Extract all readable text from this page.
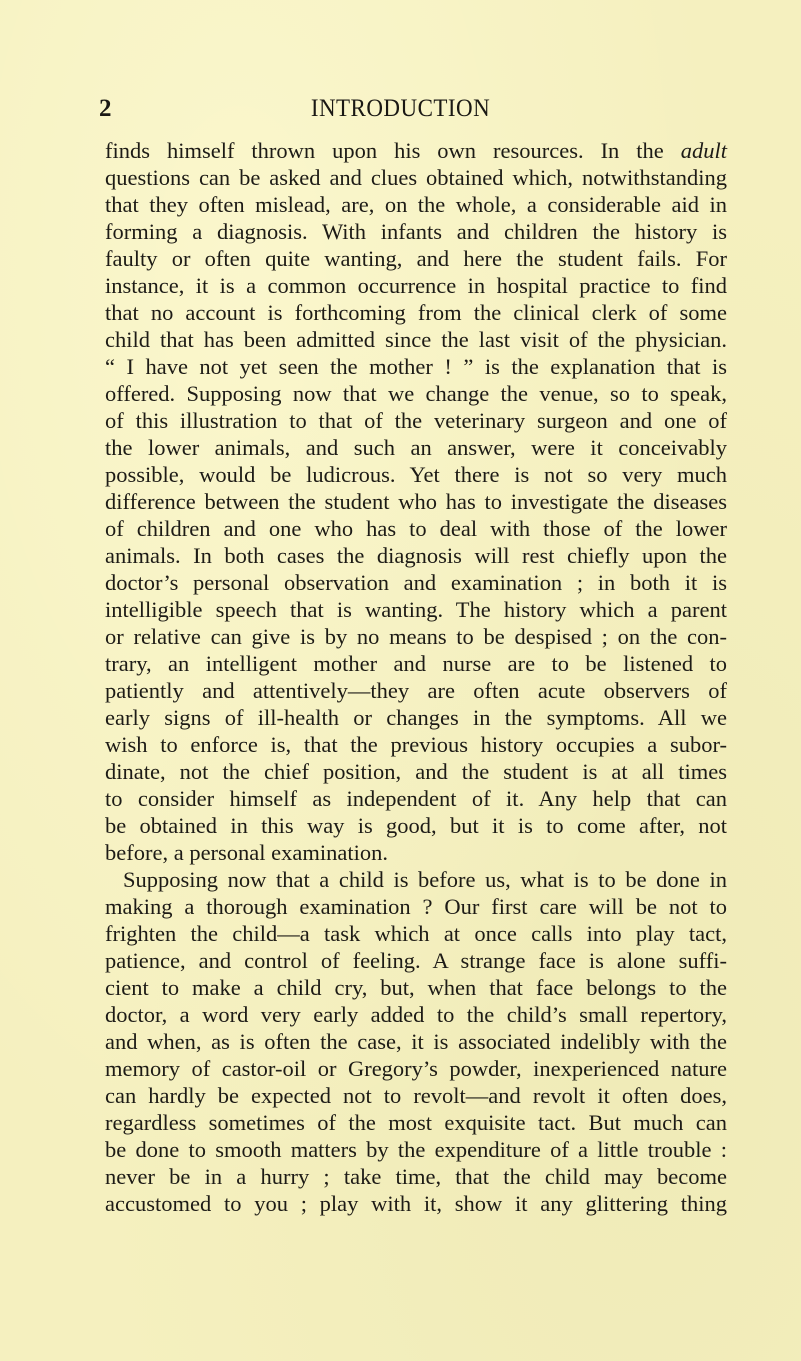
2	INTRODUCTION
finds himself thrown upon his own resources. In the adult
questions can be asked and clues obtained which, notwithstanding
that they often mislead, are, on the whole, a considerable aid in
forming a diagnosis. With infants and children the history is
faulty or often quite wanting, and here the student fails. For
instance, it is a common occurrence in hospital practice to find
that no account is forthcoming from the clinical clerk of some
child that has been admitted since the last visit of the physician.
“ I have not yet seen the mother ! ” is the explanation that is
offered. Supposing now that we change the venue, so to speak,
of this illustration to that of the veterinary surgeon and one of
the lower animals, and such an answer, were it conceivably
possible, would be ludicrous. Yet there is not so very much
difference between the student who has to investigate the diseases
of children and one who has to deal with those of the lower
animals. In both cases the diagnosis will rest chiefly upon the
doctor’s personal observation and examination ; in both it is
intelligible speech that is wanting. The history which a parent
or relative can give is by no means to be despised ; on the con-
trary, an intelligent mother and nurse are to be listened to
patiently and attentively—they are often acute observers of
early signs of ill-health or changes in the symptoms. All we
wish to enforce is, that the previous history occupies a subor-
dinate, not the chief position, and the student is at all times
to consider himself as independent of it. Any help that can
be obtained in this way is good, but it is to come after, not
before, a personal examination.
Supposing now that a child is before us, what is to be done in
making a thorough examination ? Our first care will be not to
frighten the child—a task which at once calls into play tact,
patience, and control of feeling. A strange face is alone suffi-
cient to make a child cry, but, when that face belongs to the
doctor, a word very early added to the child’s small repertory,
and when, as is often the case, it is associated indelibly with the
memory of castor-oil or Gregory’s powder, inexperienced nature
can hardly be expected not to revolt—and revolt it often does,
regardless sometimes of the most exquisite tact. But much can
be done to smooth matters by the expenditure of a little trouble :
never be in a hurry ; take time, that the child may become
accustomed to you ; play with it, show it any glittering thing
